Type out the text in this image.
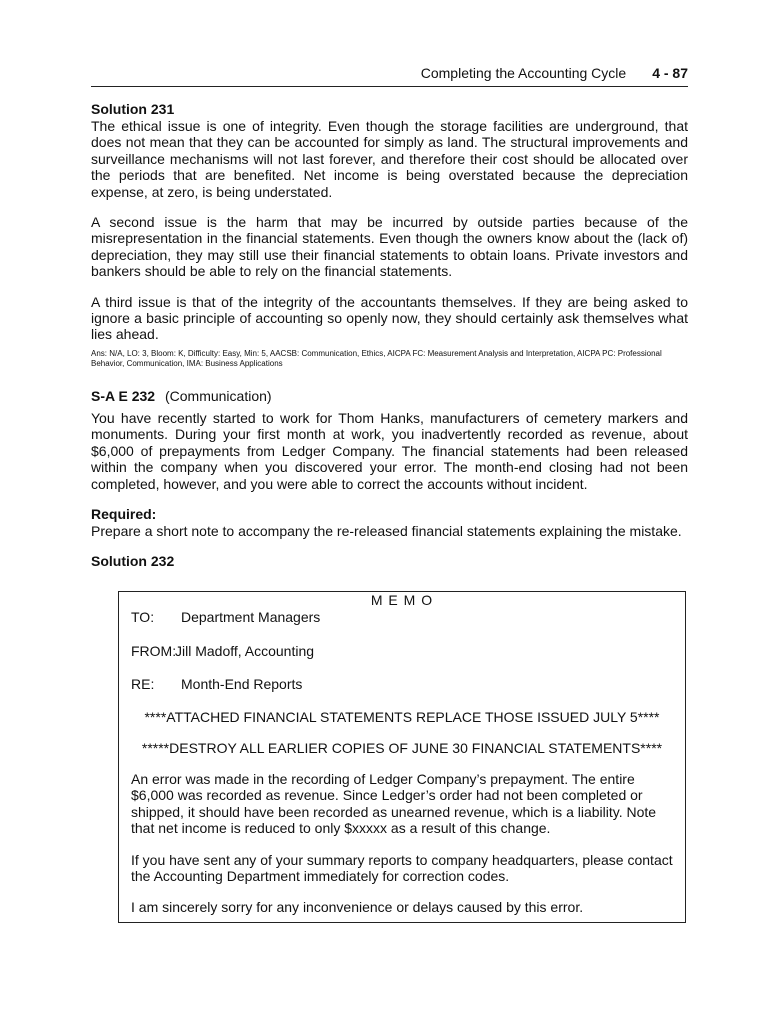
Completing the Accounting Cycle 4 - 87
Solution 231

The ethical issue is one of integrity. Even though the storage facilities are underground, that does not mean that they can be accounted for simply as land. The structural improvements and surveillance mechanisms will not last forever, and therefore their cost should be allocated over the periods that are benefited. Net income is being overstated because the depreciation expense, at zero, is being understated.

A second issue is the harm that may be incurred by outside parties because of the misrepresentation in the financial statements. Even though the owners know about the (lack of) depreciation, they may still use their financial statements to obtain loans. Private investors and bankers should be able to rely on the financial statements.

A third issue is that of the integrity of the accountants themselves. If they are being asked to ignore a basic principle of accounting so openly now, they should certainly ask themselves what lies ahead.

Ans: N/A, LO: 3, Bloom: K, Difficulty: Easy, Min: 5, AACSB: Communication, Ethics, AICPA FC: Measurement Analysis and Interpretation, AICPA PC: Professional Behavior, Communication, IMA: Business Applications
S-A E 232 (Communication)

You have recently started to work for Thom Hanks, manufacturers of cemetery markers and monuments. During your first month at work, you inadvertently recorded as revenue, about $6,000 of prepayments from Ledger Company. The financial statements had been released within the company when you discovered your error. The month-end closing had not been completed, however, and you were able to correct the accounts without incident.

Required:

Prepare a short note to accompany the re-released financial statements explaining the mistake.

Solution 232
M E M O
TO:	Department Managers
FROM:
Jill Madoff, Accounting
RE:	Month-End Reports
****ATTACHED FINANCIAL STATEMENTS REPLACE THOSE ISSUED JULY 5****
*****DESTROY ALL EARLIER COPIES OF JUNE 30 FINANCIAL STATEMENTS****

An error was made in the recording of Ledger Company’s prepayment. The entire $6,000 was recorded as revenue. Since Ledger’s order had not been completed or shipped, it should have been recorded as unearned revenue, which is a liability. Note that net income is reduced to only $xxxxx as a result of this change.

If you have sent any of your summary reports to company headquarters, please contact the Accounting Department immediately for correction codes.

I am sincerely sorry for any inconvenience or delays caused by this error.
